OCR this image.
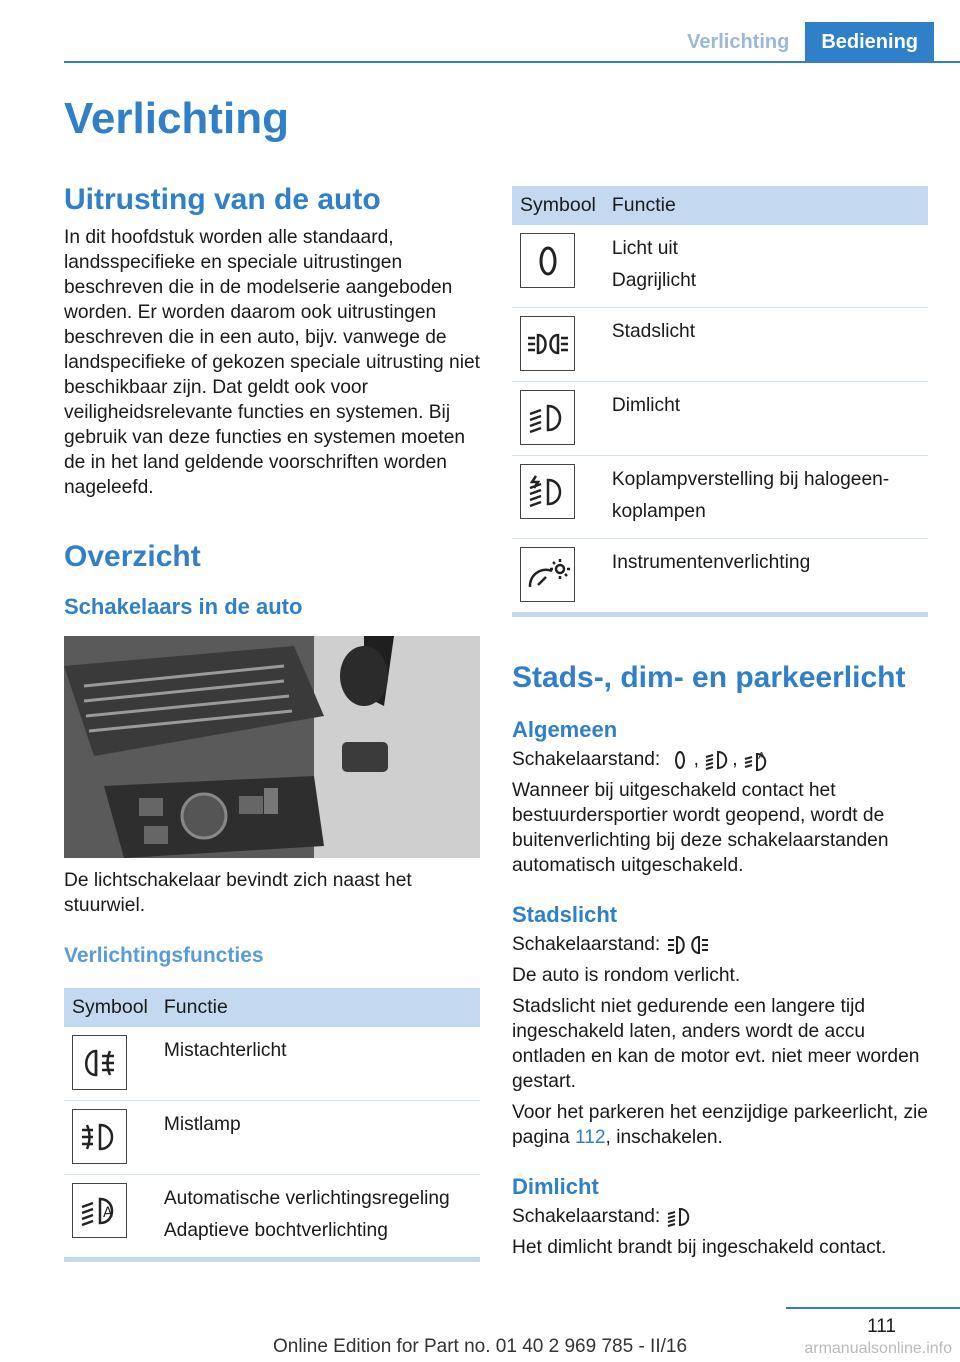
Verlichting	Bediening
Verlichting
Uitrusting van de auto

In dit hoofdstuk worden alle standaard, landsspecifieke en speciale uitrustingen beschreven die in de modelserie aangeboden worden. Er worden daarom ook uitrustingen beschreven die in een auto, bijv. vanwege de landspecifieke of gekozen speciale uitrusting niet beschikbaar zijn. Dat geldt ook voor veiligheidsrelevante functies en systemen. Bij gebruik van deze functies en systemen moeten de in het land geldende voorschriften worden nageleefd.

Overzicht
Schakelaars in de auto

De lichtschakelaar bevindt zich naast het stuurwiel.

Verlichtingsfuncties
Symbool	Functie

Mistachterlicht

Mistlamp

A	Automatische verlichtingsregeling
Adaptieve bochtverlichting
Symbool	Functie

Licht uit
Dagrijlicht

Stadslicht

Dimlicht

Koplampverstelling bij halogeen-koplampen

Instrumentenverlichting
Stads-, dim- en parkeerlicht
Algemeen

Schakelaarstand: , , A

Wanneer bij uitgeschakeld contact het bestuurdersportier wordt geopend, wordt de buitenverlichting bij deze schakelaarstanden automatisch uitgeschakeld.

Stadslicht

Schakelaarstand:

De auto is rondom verlicht.

Stadslicht niet gedurende een langere tijd ingeschakeld laten, anders wordt de accu ontladen en kan de motor evt. niet meer worden gestart.

Voor het parkeren het eenzijdige parkeerlicht, zie pagina 112, inschakelen.

Dimlicht

Schakelaarstand:

Het dimlicht brandt bij ingeschakeld contact.

111
Online Edition for Part no. 01 40 2 969 785 - II/16	armanualsonline.info
